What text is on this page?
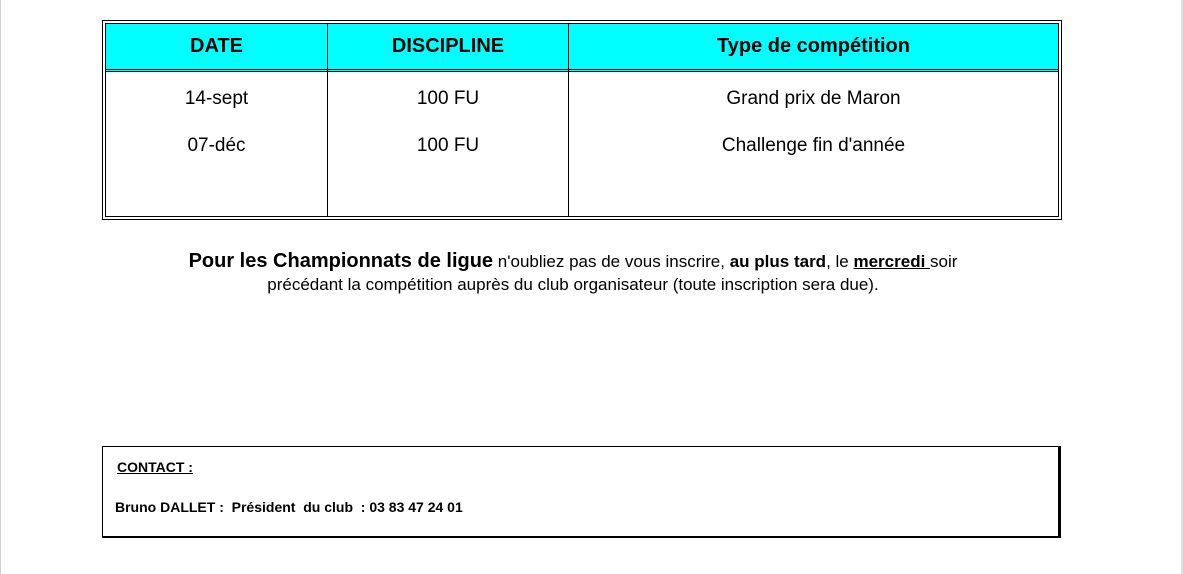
DATE	DISCIPLINE	Type de compétition
14-sept	100 FU	Grand prix de Maron
07-déc	100 FU	Challenge fin d'année
Pour les Championnats de ligue n'oubliez pas de vous inscrire, au plus tard, le mercredi soir
précédant la compétition auprès du club organisateur (toute inscription sera due).
CONTACT :
Bruno DALLET :  Président  du club  : 03 83 47 24 01
